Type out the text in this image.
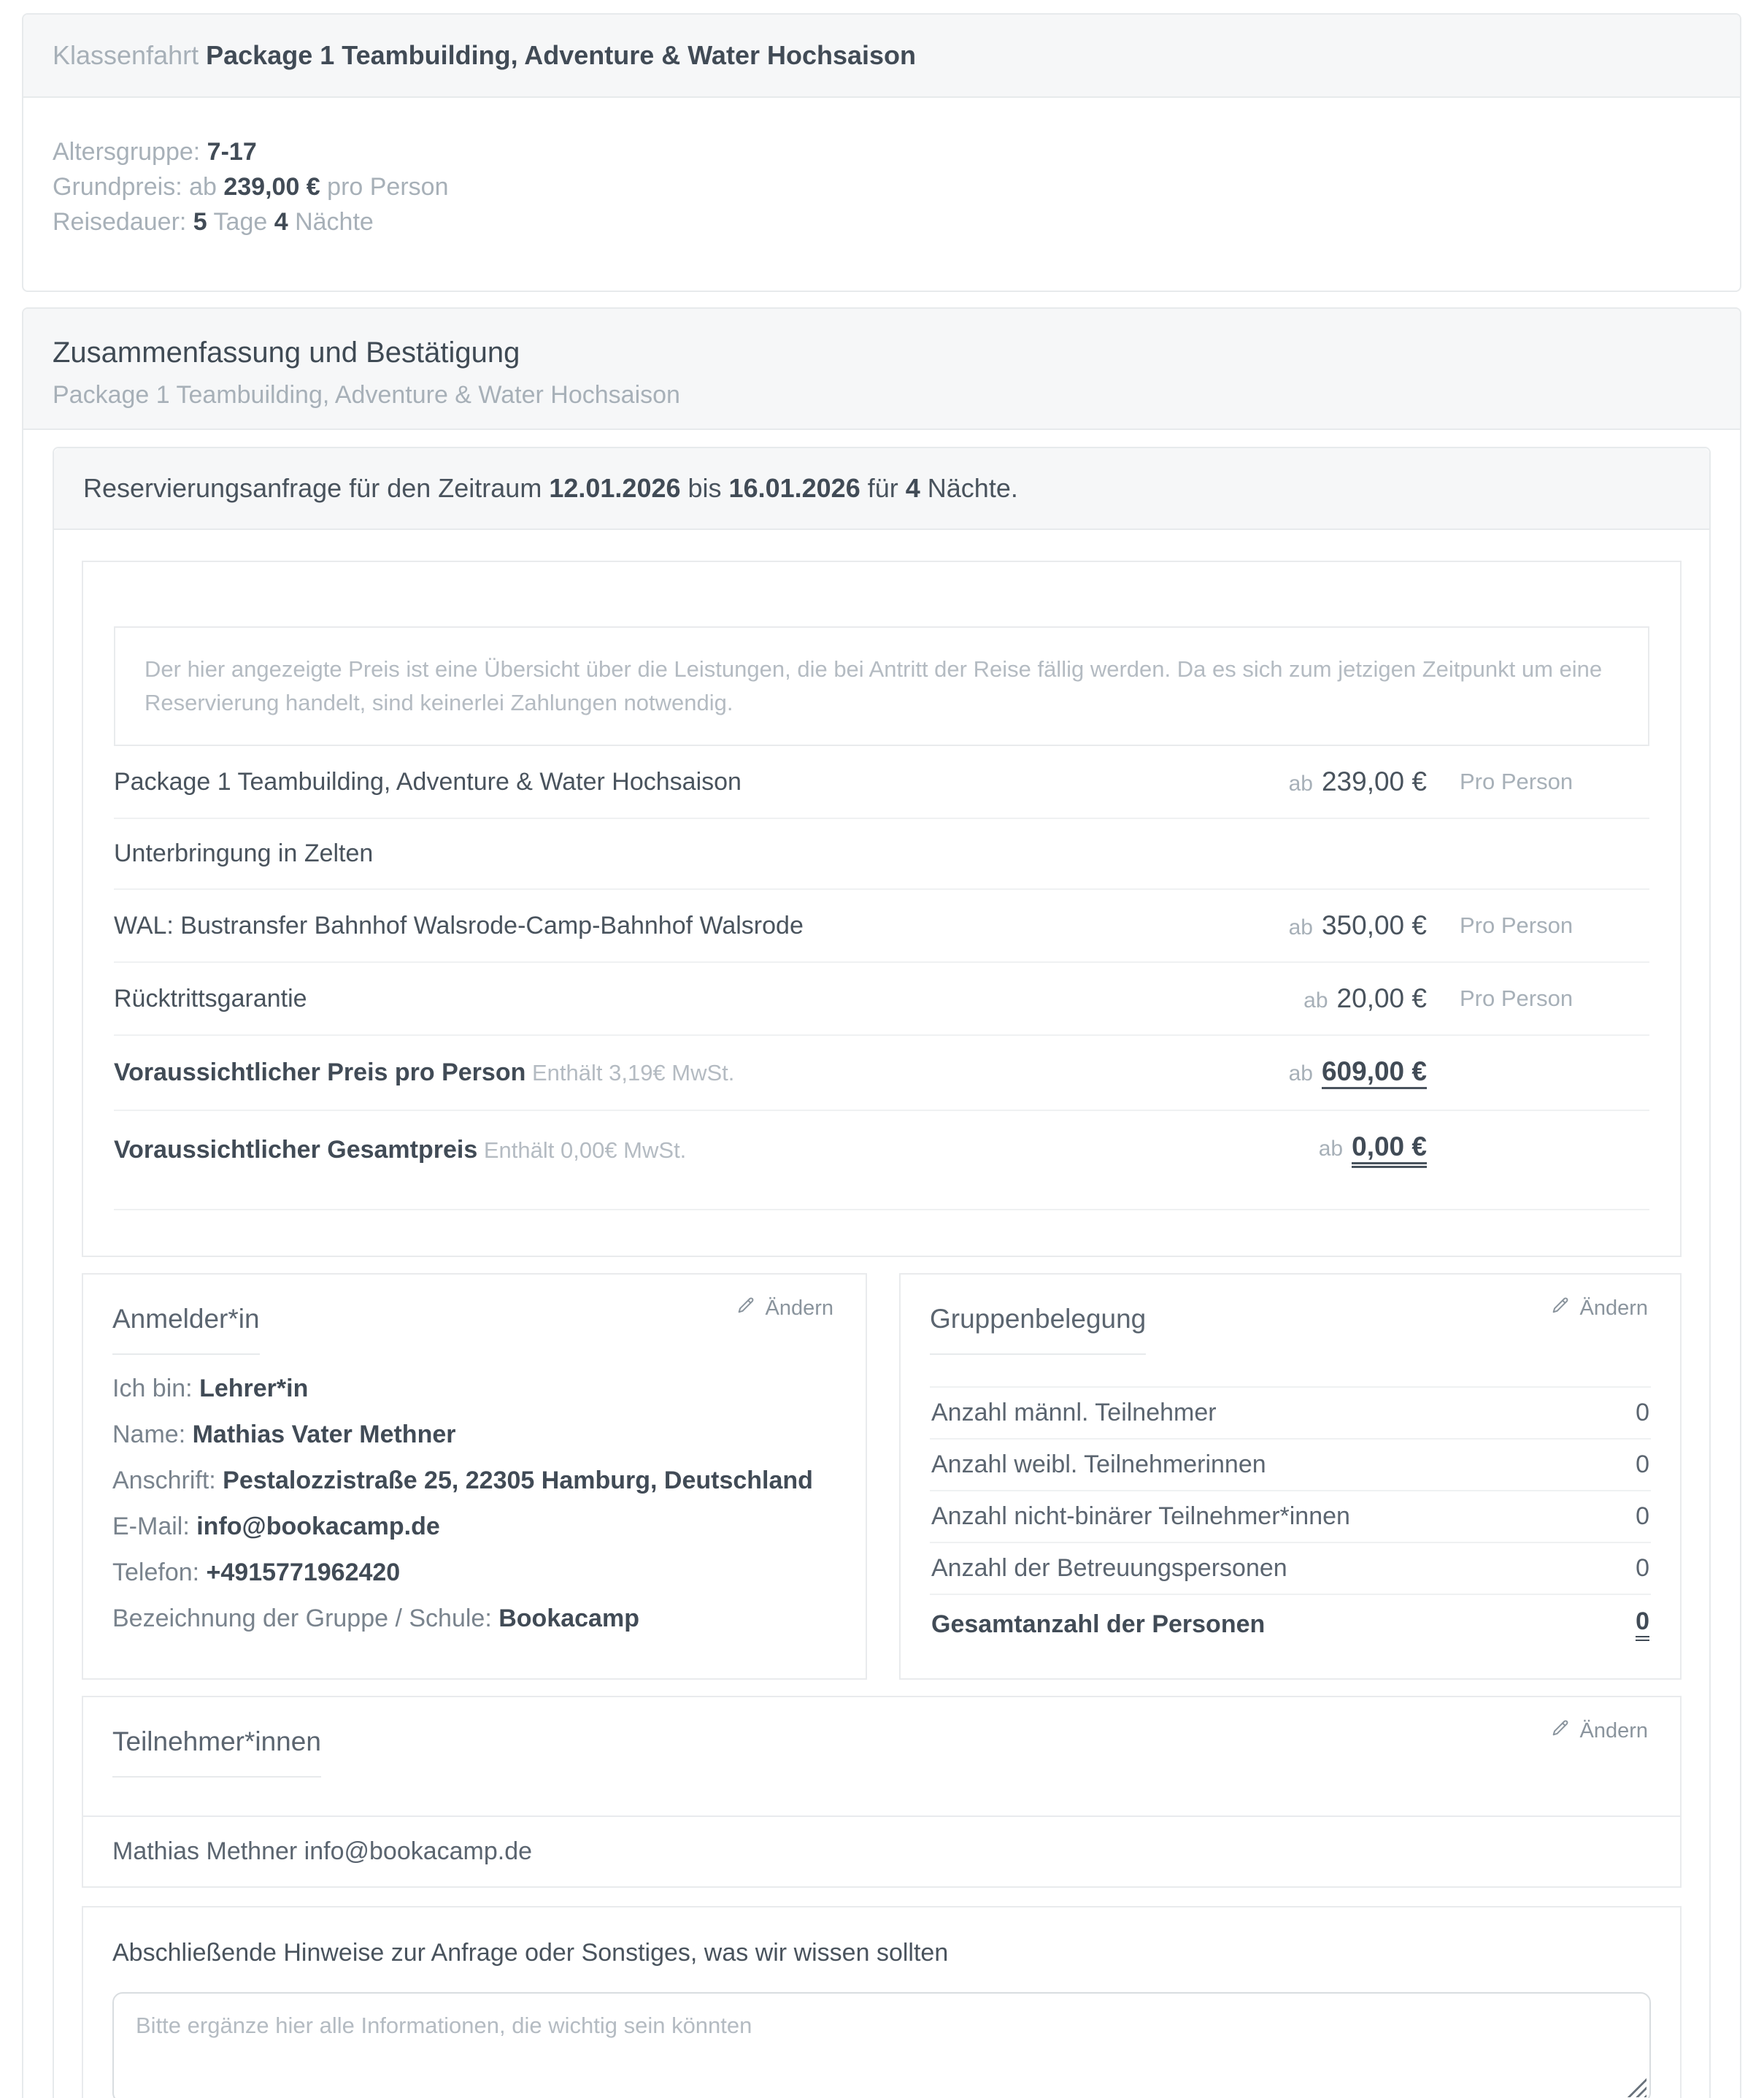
Klassenfahrt Package 1 Teambuilding, Adventure & Water Hochsaison
Altersgruppe: 7-17
Grundpreis: ab 239,00 € pro Person
Reisedauer: 5 Tage 4 Nächte
Zusammenfassung und Bestätigung
Package 1 Teambuilding, Adventure & Water Hochsaison
Reservierungsanfrage für den Zeitraum 12.01.2026 bis 16.01.2026 für 4 Nächte.
Der hier angezeigte Preis ist eine Übersicht über die Leistungen, die bei Antritt der Reise fällig werden. Da es sich zum jetzigen Zeitpunkt um eine Reservierung handelt, sind keinerlei Zahlungen notwendig.
Package 1 Teambuilding, Adventure & Water Hochsaison	ab 239,00 € Pro Person
Unterbringung in Zelten
WAL: Bustransfer Bahnhof Walsrode-Camp-Bahnhof Walsrode	ab 350,00 € Pro Person
Rücktrittsgarantie	ab 20,00 € Pro Person
Voraussichtlicher Preis pro Person Enthält 3,19€ MwSt.	ab 609,00 €
Voraussichtlicher Gesamtpreis Enthält 0,00€ MwSt.	ab 0,00 €
Ändern
Anmelder*in
Ich bin: Lehrer*in
Name: Mathias Vater Methner
Anschrift: Pestalozzistraße 25, 22305 Hamburg, Deutschland
E-Mail: info@bookacamp.de
Telefon: +4915771962420
Bezeichnung der Gruppe / Schule: Bookacamp
Ändern
Gruppenbelegung
Anzahl männl. Teilnehmer	0
Anzahl weibl. Teilnehmerinnen	0
Anzahl nicht-binärer Teilnehmer*innen	0
Anzahl der Betreuungspersonen	0
Gesamtanzahl der Personen	0
Ändern
Teilnehmer*innen
Mathias Methner info@bookacamp.de
Abschließende Hinweise zur Anfrage oder Sonstiges, was wir wissen sollten
Bitte ergänze hier alle Informationen, die wichtig sein könnten
